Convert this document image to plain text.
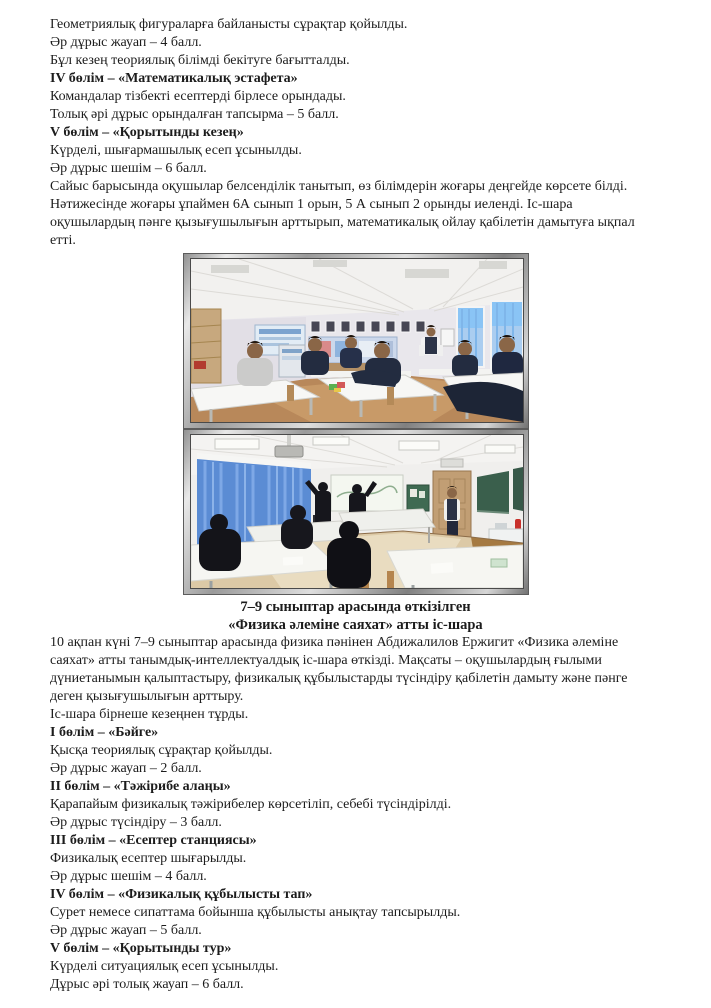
Геометриялық фигураларға байланысты сұрақтар қойылды.

Әр дұрыс жауап – 4 балл.

Бұл кезең теориялық білімді бекітуге бағытталды.

IV бөлім – «Математикалық эстафета»

Командалар тізбекті есептерді бірлесе орындады.

Толық әрі дұрыс орындалған тапсырма – 5 балл.

V бөлім – «Қорытынды кезең»

Күрделі, шығармашылық есеп ұсынылды.

Әр дұрыс шешім – 6 балл.

Сайыс барысында оқушылар белсенділік танытып, өз білімдерін жоғары деңгейде көрсете білді.

Нәтижесінде жоғары ұпаймен 6А сынып 1 орын, 5 А сынып 2 орынды иеленді. Іс-шара оқушылардың пәнге қызығушылығын арттырып, математикалық ойлау қабілетін дамытуға ықпал етті.

7–9 сыныптар арасында өткізілген

«Физика әлеміне саяхат» атты іс-шара

10 ақпан күні 7–9 сыныптар арасында физика пәнінен Абдижалилов Ержигит «Физика әлеміне саяхат» атты танымдық-интеллектуалдық іс-шара өткізді. Мақсаты – оқушылардың ғылыми дүниетанымын қалыптастыру, физикалық құбылыстарды түсіндіру қабілетін дамыту және пәнге деген қызығушылығын арттыру.

Іс-шара бірнеше кезеңнен тұрды.

I бөлім – «Бәйге»

Қысқа теориялық сұрақтар қойылды.

Әр дұрыс жауап – 2 балл.

II бөлім – «Тәжірибе алаңы»

Қарапайым физикалық тәжірибелер көрсетіліп, себебі түсіндірілді.

Әр дұрыс түсіндіру – 3 балл.

III бөлім – «Есептер станциясы»

Физикалық есептер шығарылды.

Әр дұрыс шешім – 4 балл.

IV бөлім – «Физикалық құбылысты тап»

Сурет немесе сипаттама бойынша құбылысты анықтау тапсырылды.

Әр дұрыс жауап – 5 балл.

V бөлім – «Қорытынды тур»

Күрделі ситуациялық есеп ұсынылды.

Дұрыс әрі толық жауап – 6 балл.
